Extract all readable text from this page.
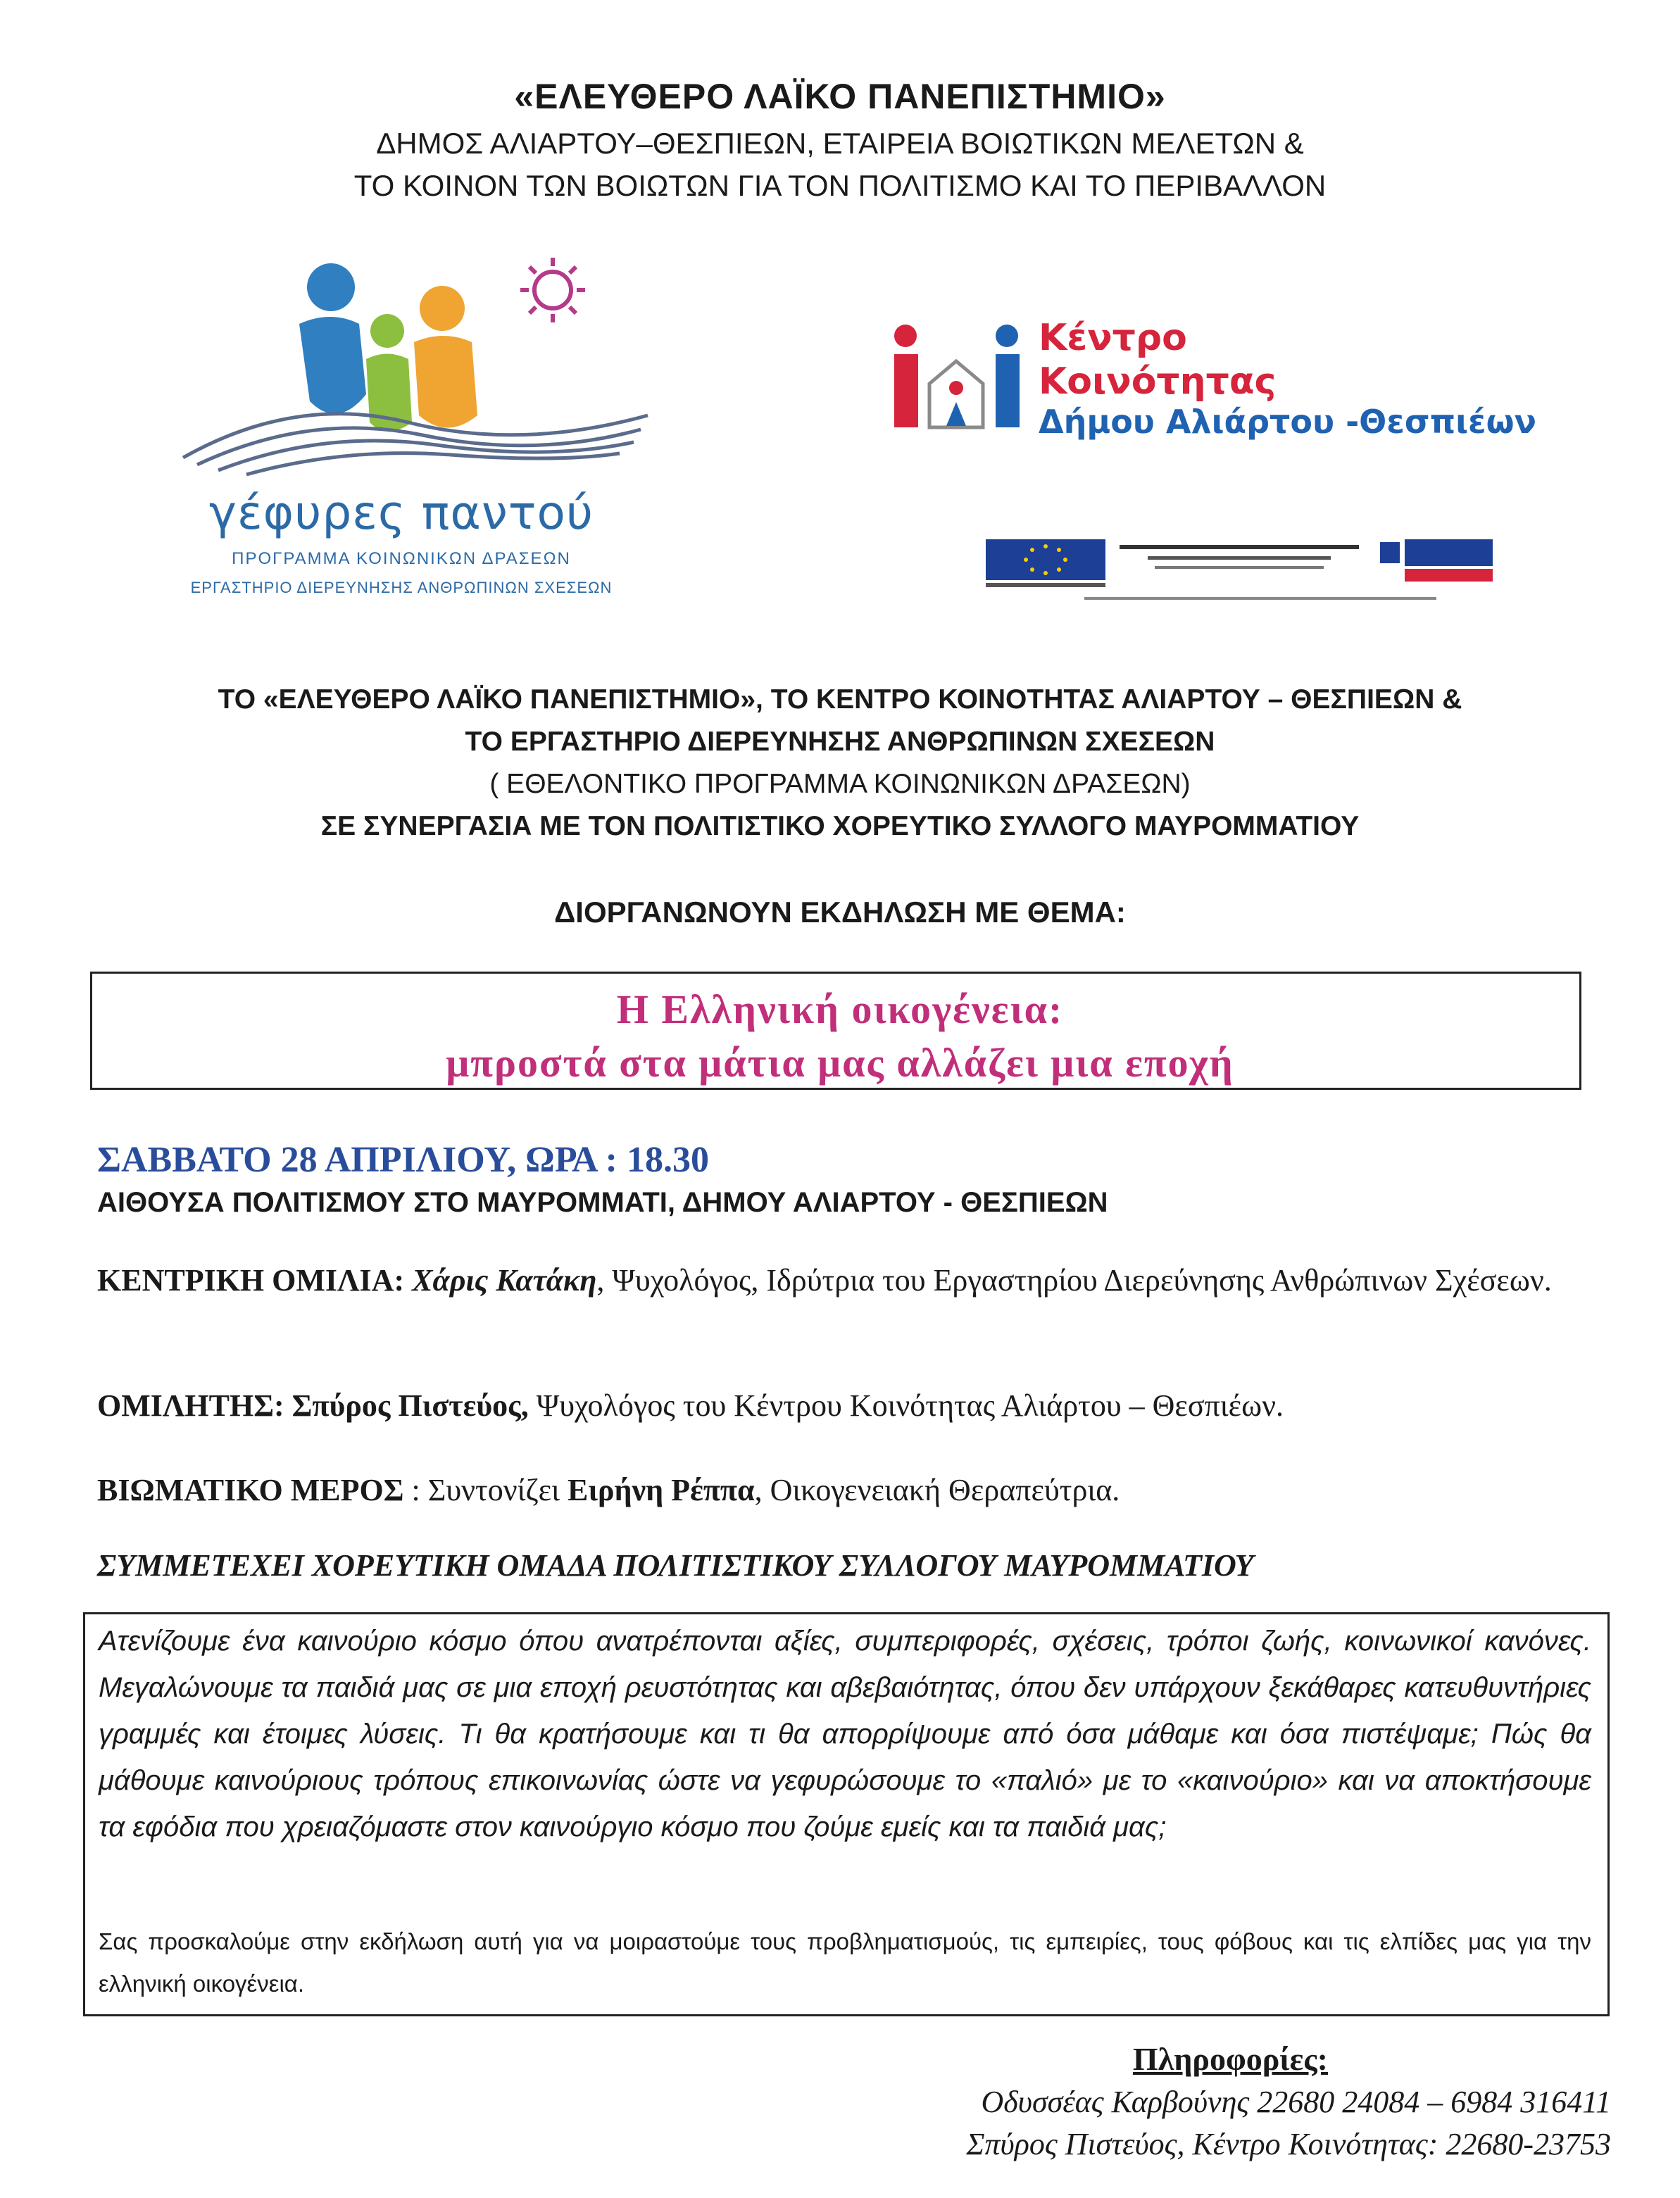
«ΕΛΕΥΘΕΡΟ ΛΑΪΚΟ ΠΑΝΕΠΙΣΤΗΜΙΟ»
ΔΗΜΟΣ ΑΛΙΑΡΤΟΥ–ΘΕΣΠΙΕΩΝ, ΕΤΑΙΡΕΙΑ ΒΟΙΩΤΙΚΩΝ ΜΕΛΕΤΩΝ &
ΤΟ ΚΟΙΝΟΝ ΤΩΝ ΒΟΙΩΤΩΝ ΓΙΑ ΤΟΝ ΠΟΛΙΤΙΣΜΟ ΚΑΙ ΤΟ ΠΕΡΙΒΑΛΛΟΝ
γέφυρες παντού
ΠΡΟΓΡΑΜΜΑ ΚΟΙΝΩΝΙΚΩΝ ΔΡΑΣΕΩΝ
ΕΡΓΑΣΤΗΡΙΟ ΔΙΕΡΕΥΝΗΣΗΣ ΑΝΘΡΩΠΙΝΩΝ ΣΧΕΣΕΩΝ
Κέντρο
Κοινότητας
Δήμου Αλιάρτου -Θεσπιέων
ΤΟ «ΕΛΕΥΘΕΡΟ ΛΑΪΚΟ ΠΑΝΕΠΙΣΤΗΜΙΟ», ΤΟ ΚΕΝΤΡΟ ΚΟΙΝΟΤΗΤΑΣ ΑΛΙΑΡΤΟΥ – ΘΕΣΠΙΕΩΝ &
ΤΟ ΕΡΓΑΣΤΗΡΙΟ ΔΙΕΡΕΥΝΗΣΗΣ ΑΝΘΡΩΠΙΝΩΝ ΣΧΕΣΕΩΝ
( ΕΘΕΛΟΝΤΙΚΟ ΠΡΟΓΡΑΜΜΑ ΚΟΙΝΩΝΙΚΩΝ ΔΡΑΣΕΩΝ)
ΣΕ ΣΥΝΕΡΓΑΣΙΑ ΜΕ ΤΟΝ ΠΟΛΙΤΙΣΤΙΚΟ ΧΟΡΕΥΤΙΚΟ ΣΥΛΛΟΓΟ ΜΑΥΡΟΜΜΑΤΙΟΥ
ΔΙΟΡΓΑΝΩΝΟΥΝ ΕΚΔΗΛΩΣΗ ΜΕ ΘΕΜΑ:
Η Ελληνική οικογένεια:
μπροστά στα μάτια μας αλλάζει μια εποχή
ΣΑΒΒΑΤΟ 28 ΑΠΡΙΛΙΟΥ, ΩΡΑ : 18.30
ΑΙΘΟΥΣΑ ΠΟΛΙΤΙΣΜΟΥ ΣΤΟ ΜΑΥΡΟΜΜΑΤΙ, ΔΗΜΟΥ ΑΛΙΑΡΤΟΥ - ΘΕΣΠΙΕΩΝ
ΚΕΝΤΡΙΚΗ ΟΜΙΛΙΑ: Χάρις Κατάκη, Ψυχολόγος, Ιδρύτρια του Εργαστηρίου Διερεύνησης Ανθρώπινων Σχέσεων.
ΟΜΙΛΗΤΗΣ: Σπύρος Πιστεύος, Ψυχολόγος του Κέντρου Κοινότητας Αλιάρτου – Θεσπιέων.
ΒΙΩΜΑΤΙΚΟ ΜΕΡΟΣ : Συντονίζει Ειρήνη Ρέππα, Οικογενειακή Θεραπεύτρια.
ΣΥΜΜΕΤΕΧΕΙ ΧΟΡΕΥΤΙΚΗ ΟΜΑΔΑ ΠΟΛΙΤΙΣΤΙΚΟΥ ΣΥΛΛΟΓΟΥ ΜΑΥΡΟΜΜΑΤΙΟΥ
Ατενίζουμε ένα καινούριο κόσμο όπου ανατρέπονται αξίες, συμπεριφορές, σχέσεις, τρόποι ζωής, κοινωνικοί κανόνες. Μεγαλώνουμε τα παιδιά μας σε μια εποχή ρευστότητας και αβεβαιότητας, όπου δεν υπάρχουν ξεκάθαρες κατευθυντήριες γραμμές και έτοιμες λύσεις. Τι θα κρατήσουμε και τι θα απορρίψουμε από όσα μάθαμε και όσα πιστέψαμε; Πώς θα μάθουμε καινούριους τρόπους επικοινωνίας ώστε να γεφυρώσουμε το «παλιό» με το «καινούριο» και να αποκτήσουμε τα εφόδια που χρειαζόμαστε στον καινούργιο κόσμο που ζούμε εμείς και τα παιδιά μας;
Σας προσκαλούμε στην εκδήλωση αυτή για να μοιραστούμε τους προβληματισμούς, τις εμπειρίες, τους φόβους και τις ελπίδες μας για την ελληνική οικογένεια.
Πληροφορίες:
Οδυσσέας Καρβούνης 22680 24084 – 6984 316411
Σπύρος Πιστεύος, Κέντρο Κοινότητας: 22680-23753
